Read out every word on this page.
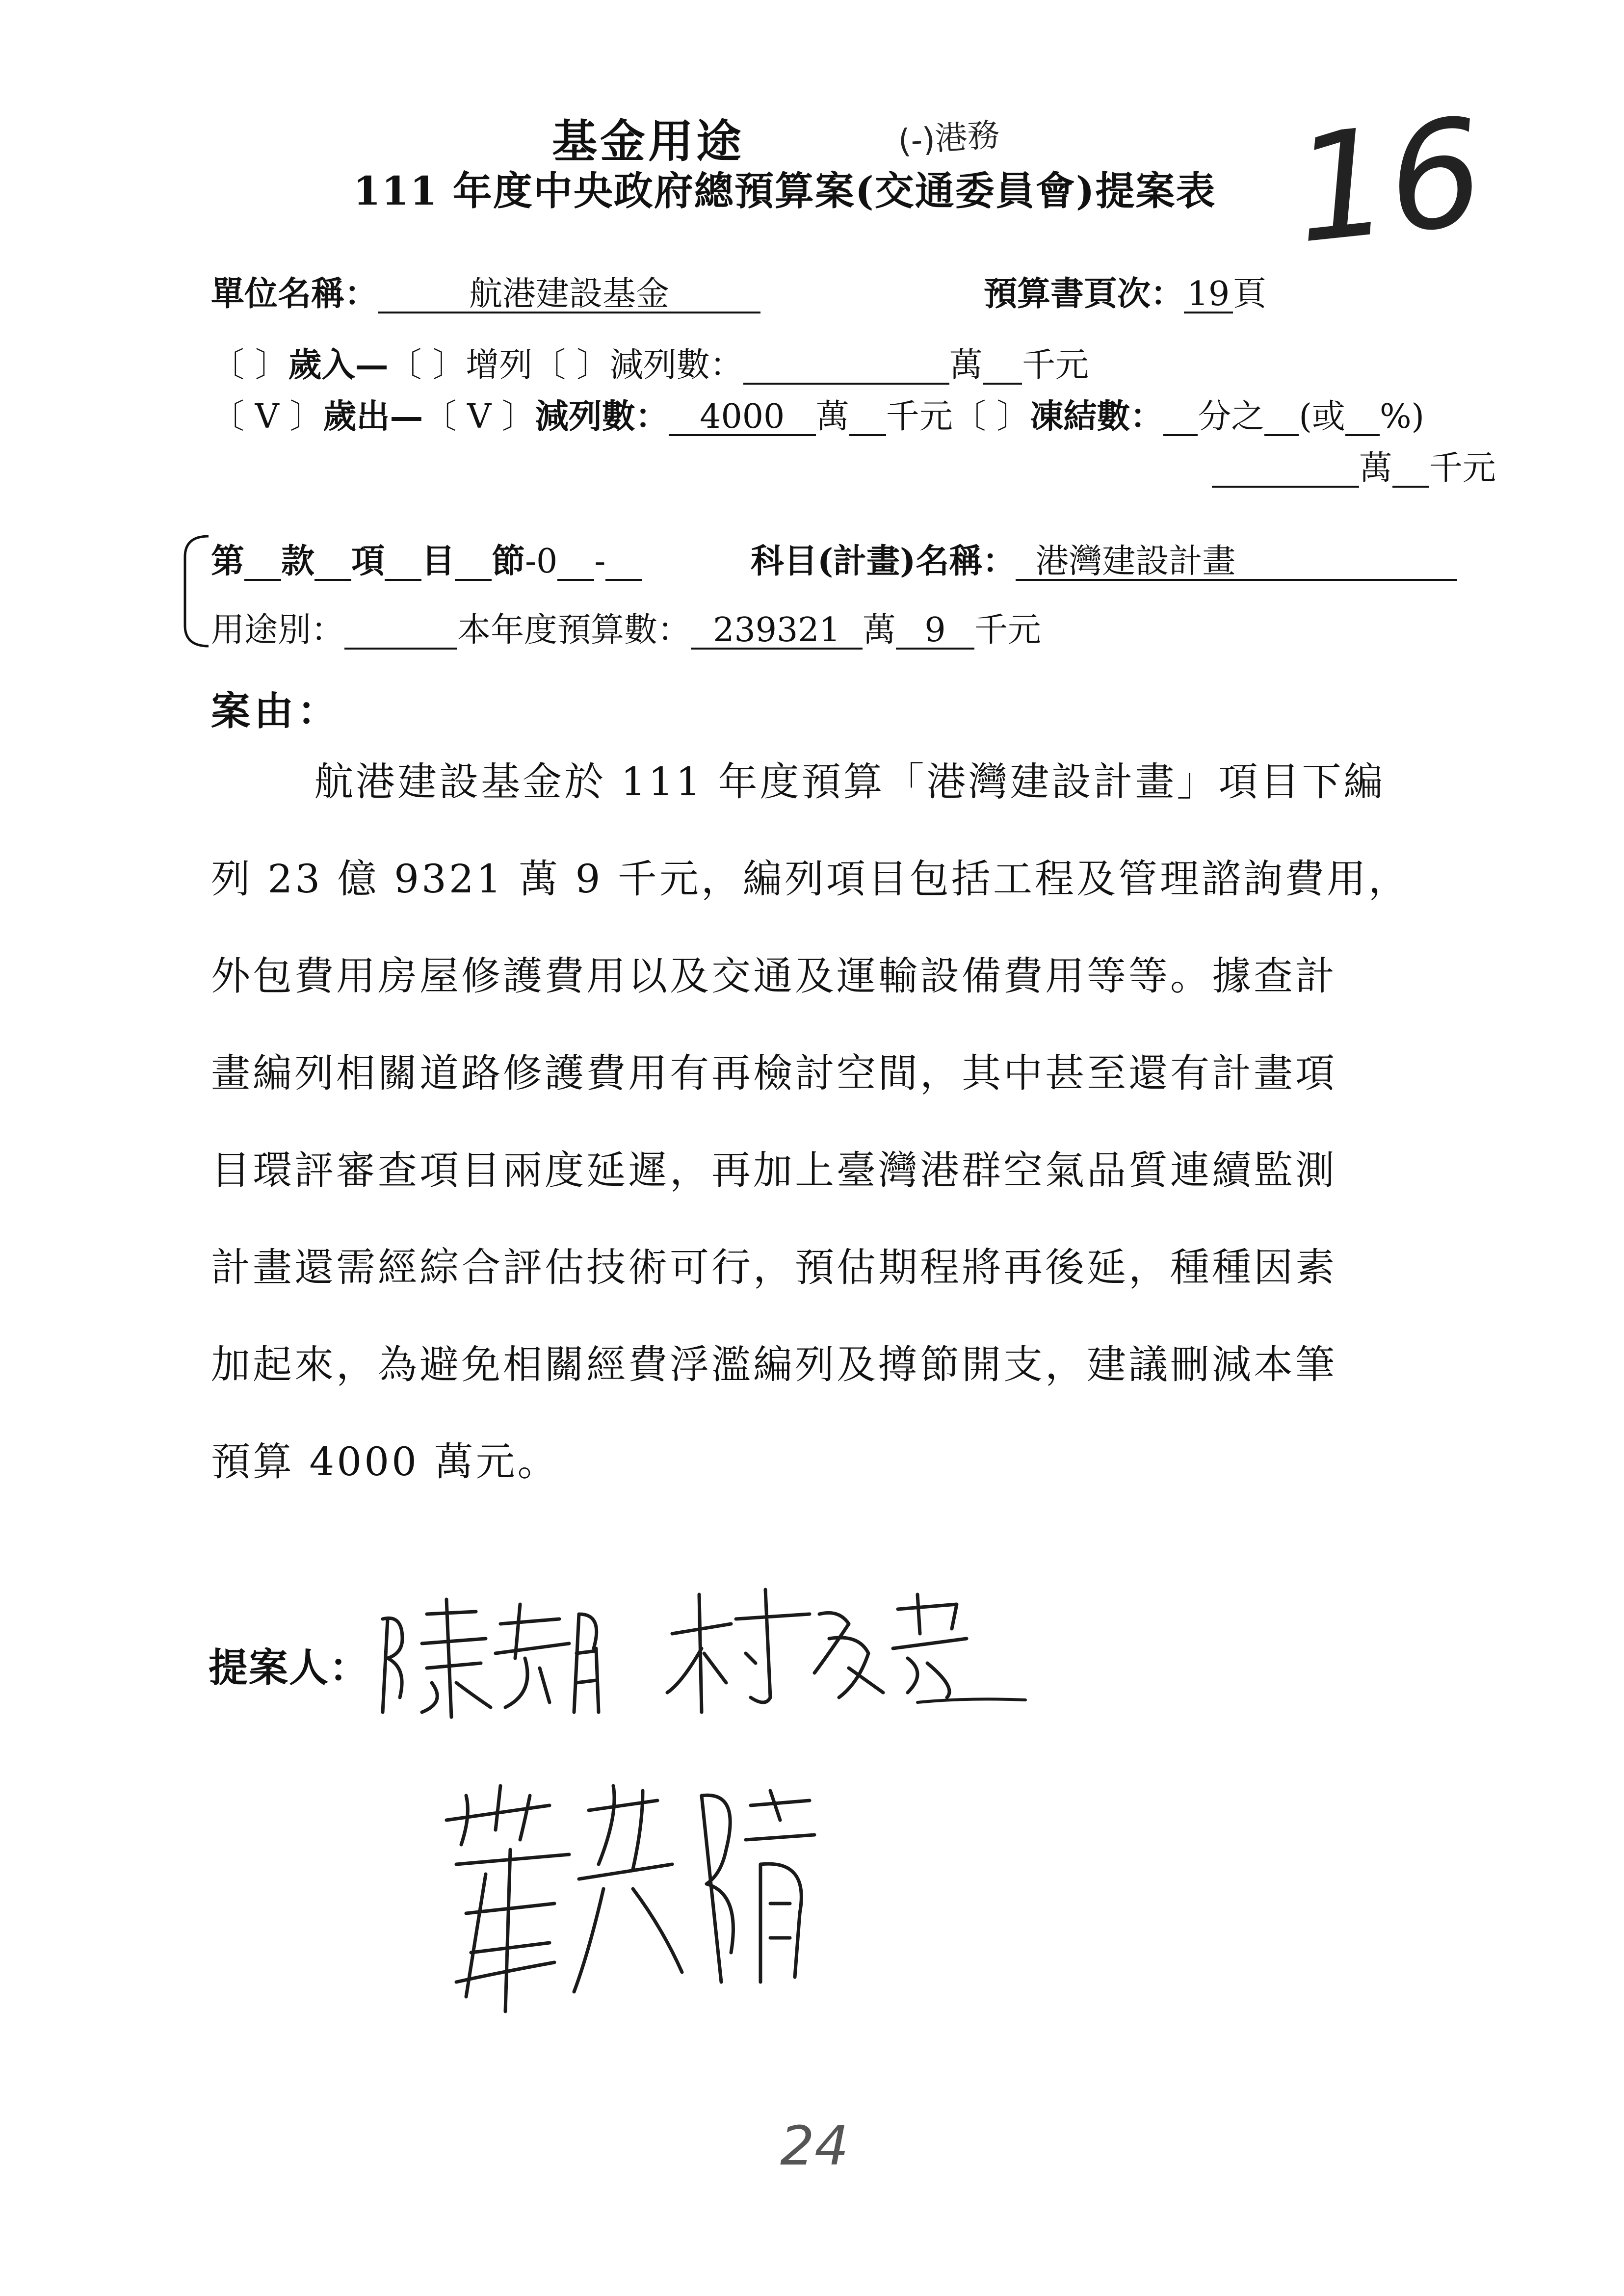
基金用途	(-)港務
111 年度中央政府總預算案(交通委員會)提案表 16
單位名稱：	航港建設基金	預算書頁次：19頁
〔 〕歲入—〔 〕增列〔 〕減列數：	萬 千元
〔 V 〕歲出—〔 V 〕減列數： 4000 萬 千元〔 〕凍結數： 分之 (或 %)
萬 千元
第 款 項 目 節-0 -	科目(計畫)名稱： 港灣建設計畫
用途別：	本年度預算數： 239321 萬 9 千元
案由：
航港建設基金於 111 年度預算「港灣建設計畫」項目下編
列 23 億 9321 萬 9 千元，編列項目包括工程及管理諮詢費用，
外包費用房屋修護費用以及交通及運輸設備費用等等。據查計
畫編列相關道路修護費用有再檢討空間，其中甚至還有計畫項
目環評審查項目兩度延遲，再加上臺灣港群空氣品質連續監測
計畫還需經綜合評估技術可行，預估期程將再後延，種種因素
加起來，為避免相關經費浮濫編列及撙節開支，建議刪減本筆
預算 4000 萬元。
提案人：
24
